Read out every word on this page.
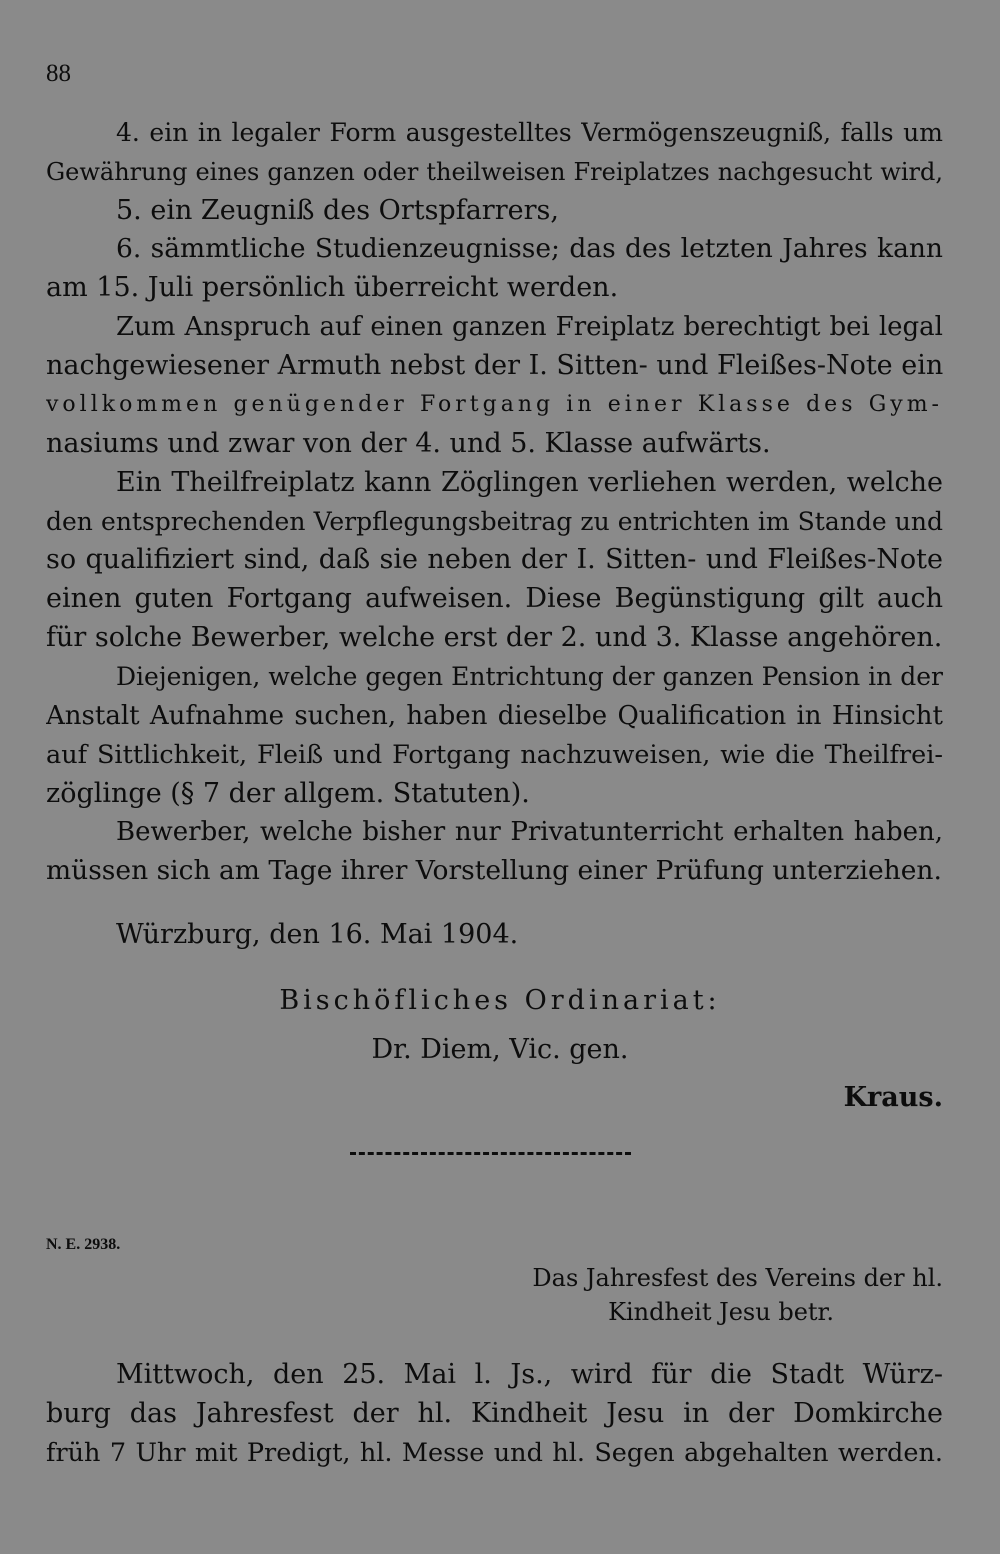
88
4. ein in legaler Form ausgestelltes Vermögenszeugniß, falls um
Gewährung eines ganzen oder theilweisen Freiplatzes nachgesucht wird,
5. ein Zeugniß des Ortspfarrers,
6. sämmtliche Studienzeugnisse; das des letzten Jahres kann
am 15. Juli persönlich überreicht werden.
Zum Anspruch auf einen ganzen Freiplatz berechtigt bei legal
nachgewiesener Armuth nebst der I. Sitten- und Fleißes-Note ein
vollkommen genügender Fortgang in einer Klasse des Gym-
nasiums und zwar von der 4. und 5. Klasse aufwärts.
Ein Theilfreiplatz kann Zöglingen verliehen werden, welche
den entsprechenden Verpflegungsbeitrag zu entrichten im Stande und
so qualifiziert sind, daß sie neben der I. Sitten- und Fleißes-Note
einen guten Fortgang aufweisen. Diese Begünstigung gilt auch
für solche Bewerber, welche erst der 2. und 3. Klasse angehören.
Diejenigen, welche gegen Entrichtung der ganzen Pension in der
Anstalt Aufnahme suchen, haben dieselbe Qualification in Hinsicht
auf Sittlichkeit, Fleiß und Fortgang nachzuweisen, wie die Theilfrei-
zöglinge (§ 7 der allgem. Statuten).
Bewerber, welche bisher nur Privatunterricht erhalten haben,
müssen sich am Tage ihrer Vorstellung einer Prüfung unterziehen.
Würzburg, den 16. Mai 1904.
Bischöfliches Ordinariat:
Dr. Diem, Vic. gen.
Kraus.
N. E. 2938.
Das Jahresfest des Vereins der hl.
Kindheit Jesu betr.
Mittwoch, den 25. Mai l. Js., wird für die Stadt Würz-
burg das Jahresfest der hl. Kindheit Jesu in der Domkirche
früh 7 Uhr mit Predigt, hl. Messe und hl. Segen abgehalten werden.
